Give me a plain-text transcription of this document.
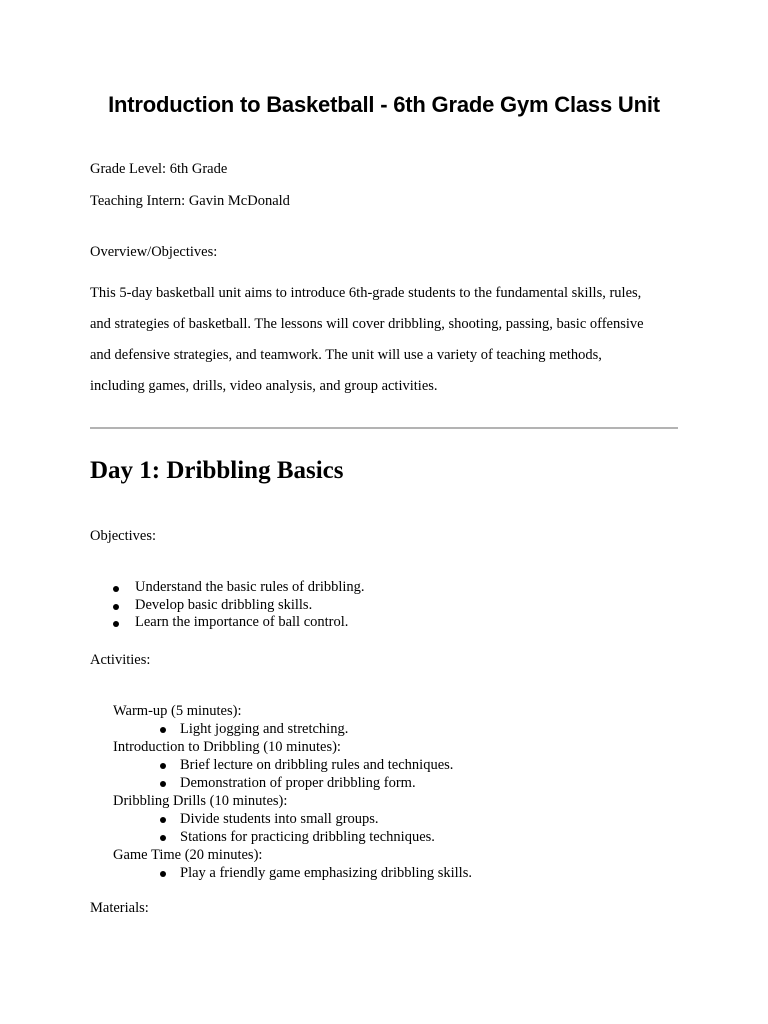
Introduction to Basketball - 6th Grade Gym Class Unit

Grade Level: 6th Grade

Teaching Intern: Gavin McDonald

Overview/Objectives:

This 5-day basketball unit aims to introduce 6th-grade students to the fundamental skills, rules,
and strategies of basketball. The lessons will cover dribbling, shooting, passing, basic offensive
and defensive strategies, and teamwork. The unit will use a variety of teaching methods,
including games, drills, video analysis, and group activities.
Day 1: Dribbling Basics

Objectives:

Understand the basic rules of dribbling.
Develop basic dribbling skills.
Learn the importance of ball control.

Activities:

Warm-up (5 minutes):
Light jogging and stretching.
Introduction to Dribbling (10 minutes):
Brief lecture on dribbling rules and techniques.
Demonstration of proper dribbling form.
Dribbling Drills (10 minutes):
Divide students into small groups.
Stations for practicing dribbling techniques.
Game Time (20 minutes):
Play a friendly game emphasizing dribbling skills.

Materials:
